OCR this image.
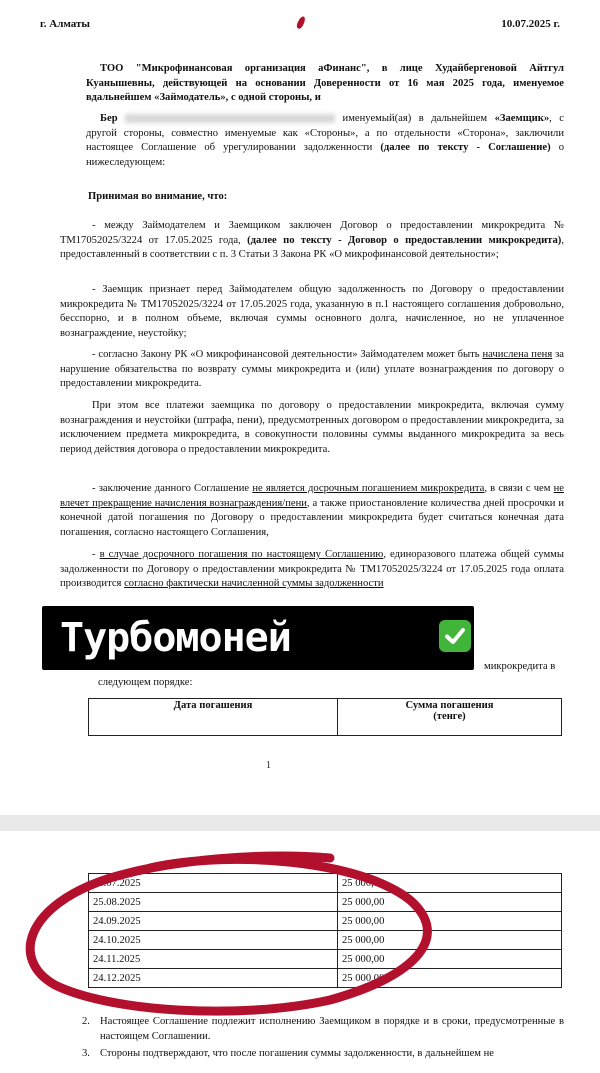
г. Алматы	10.07.2025 г.
ТОО "Микрофинансовая организация аФинанс", в лице Худайбергеновой Айтгул Куанышевны, действующей на основании Доверенности от 16 мая 2025 года, именуемое вдальнейшем «Займодатель», с одной стороны, и
Бер	именуемый(ая) в дальнейшем «Заемщик», с другой стороны, совместно именуемые как «Стороны», а по отдельности «Сторона», заключили настоящее Соглашение об урегулировании задолженности (далее по тексту - Соглашение) о нижеследующем:
Принимая во внимание, что:
- между Займодателем и Заемщиком заключен Договор о предоставлении микрокредита № ТМ17052025/3224 от 17.05.2025 года, (далее по тексту - Договор о предоставлении микрокредита), предоставленный в соответствии с п. 3 Статьи 3 Закона РК «О микрофинансовой деятельности»;
- Заемщик признает перед Займодателем общую задолженность по Договору о предоставлении микрокредита № ТМ17052025/3224 от 17.05.2025 года, указанную в п.1 настоящего соглашения добровольно, бесспорно, и в полном объеме, включая суммы основного долга, начисленное, но не уплаченное вознаграждение, неустойку;
- согласно Закону РК «О микрофинансовой деятельности» Займодателем может быть начислена пеня за нарушение обязательства по возврату суммы микрокредита и (или) уплате вознаграждения по договору о предоставлении микрокредита.
При этом все платежи заемщика по договору о предоставлении микрокредита, включая сумму вознаграждения и неустойки (штрафа, пени), предусмотренных договором о предоставлении микрокредита, за исключением предмета микрокредита, в совокупности половины суммы выданного микрокредита за весь период действия договора о предоставлении микрокредита.
- заключение данного Соглашение не является досрочным погашением микрокредита, в связи с чем не влечет прекращение начисления вознаграждения/пени, а также приостановление количества дней просрочки и конечной датой погашения по Договору о предоставлении микрокредита будет считаться конечная дата погашения, согласно настоящего Соглашения,
- в случае досрочного погашения по настоящему Соглашению, единоразового платежа общей суммы задолженности по Договору о предоставлении микрокредита № ТМ17052025/3224 от 17.05.2025 года оплата производится согласно фактически начисленной суммы задолженности
микрокредита в
следующем порядке:
Дата погашения	Сумма погашения
(тенге)
1
Турбомоней
24.07.2025	25 000,00
25.08.2025	25 000,00
24.09.2025	25 000,00
24.10.2025	25 000,00
24.11.2025	25 000,00
24.12.2025	25 000,00
2. Настоящее Соглашение подлежит исполнению Заемщиком в порядке и в сроки, предусмотренные в настоящем Соглашении.
3. Стороны подтверждают, что после погашения суммы задолженности, в дальнейшем не
